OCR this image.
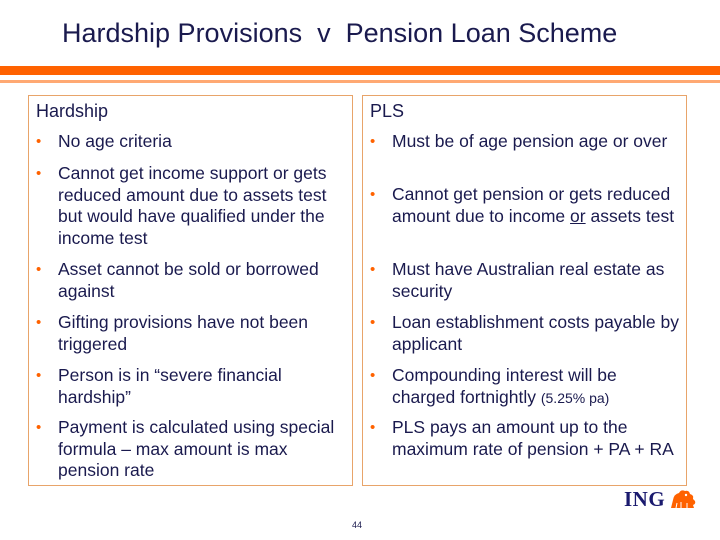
Hardship Provisions  v  Pension Loan Scheme
Hardship
• No age criteria
• Cannot get income support or gets reduced amount due to assets test but would have qualified under the income test
• Asset cannot be sold or borrowed against
• Gifting provisions have not been triggered
• Person is in “severe financial hardship”
• Payment is calculated using special formula – max amount is max pension rate
PLS
• Must be of age pension age or over
• Cannot get pension or gets reduced amount due to income or assets test
• Must have Australian real estate as security
• Loan establishment costs payable by applicant
• Compounding interest will be charged fortnightly (5.25% pa)
• PLS pays an amount up to the maximum rate of pension + PA + RA
44
ING
